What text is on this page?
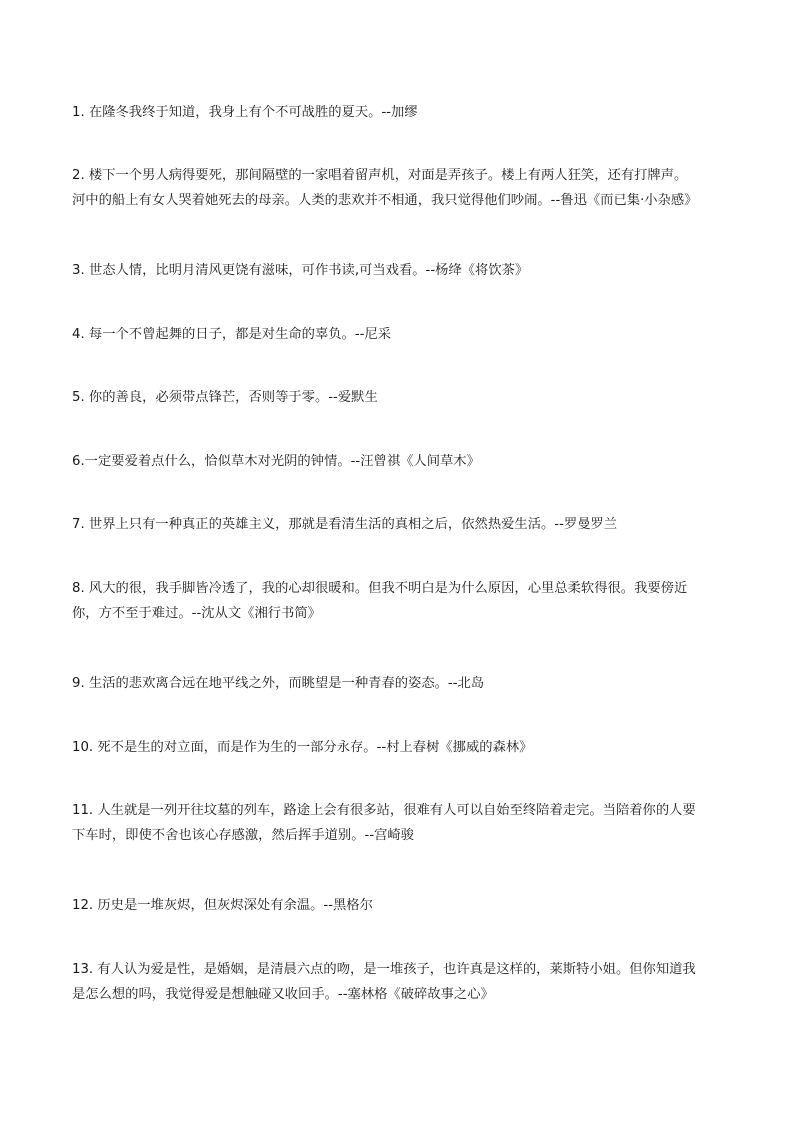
1. 在隆冬我终于知道，我身上有个不可战胜的夏天。--加缪
2. 楼下一个男人病得要死，那间隔壁的一家唱着留声机，对面是弄孩子。楼上有两人狂笑，还有打牌声。
河中的船上有女人哭着她死去的母亲。人类的悲欢并不相通，我只觉得他们吵闹。--鲁迅《而已集·小杂感》
3. 世态人情，比明月清风更饶有滋味，可作书读,可当戏看。--杨绛《将饮茶》
4. 每一个不曾起舞的日子，都是对生命的辜负。--尼采
5. 你的善良，必须带点锋芒，否则等于零。--爱默生
6.一定要爱着点什么，恰似草木对光阴的钟情。--汪曾祺《人间草木》
7. 世界上只有一种真正的英雄主义，那就是看清生活的真相之后，依然热爱生活。--罗曼罗兰
8. 风大的很，我手脚皆冷透了，我的心却很暖和。但我不明白是为什么原因，心里总柔软得很。我要傍近
你，方不至于难过。--沈从文《湘行书简》
9. 生活的悲欢离合远在地平线之外，而眺望是一种青春的姿态。--北岛
10. 死不是生的对立面，而是作为生的一部分永存。--村上春树《挪威的森林》
11. 人生就是一列开往坟墓的列车，路途上会有很多站，很难有人可以自始至终陪着走完。当陪着你的人要
下车时，即使不舍也该心存感激，然后挥手道别。--宫崎骏
12. 历史是一堆灰烬，但灰烬深处有余温。--黑格尔
13. 有人认为爱是性，是婚姻，是清晨六点的吻，是一堆孩子，也许真是这样的，莱斯特小姐。但你知道我
是怎么想的吗，我觉得爱是想触碰又收回手。--塞林格《破碎故事之心》
